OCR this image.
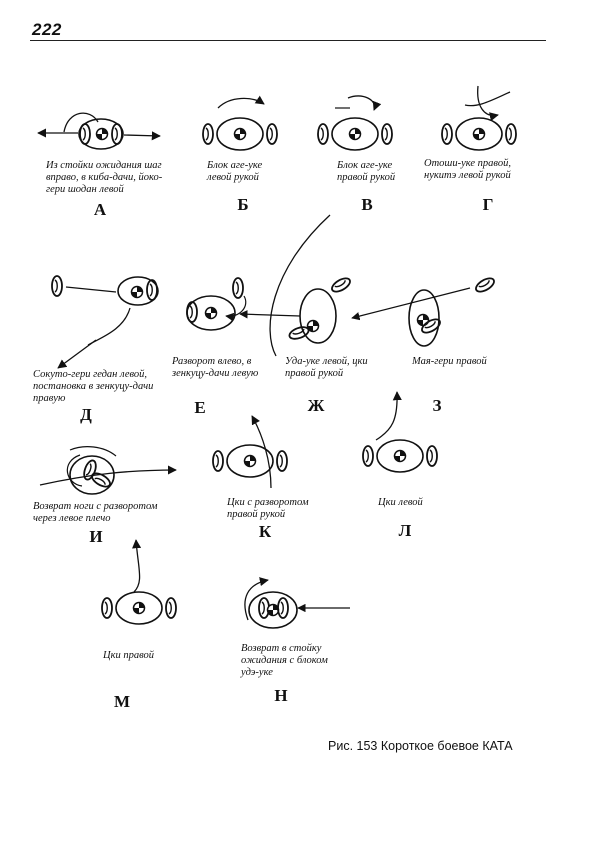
222
Из стойки ожидания шаг
вправо, в киба-дачи, йоко-
гери шодан левой
А
Блок аге-уке
левой рукой
Б
Блок аге-уке
правой рукой
В
Отоши-уке правой,
нукитэ левой рукой
Г
Сокуто-гери гедан левой,
постановка в зенкуцу-дачи
правую
Д
Разворот влево, в
зенкуцу-дачи левую
Е
Уда-уке левой, цки
правой рукой
Ж
Мая-гери правой
З
Возврат ноги с разворотом
через левое плечо
И
Цки с разворотом
правой рукой
К
Цки левой
Л
Цки правой
М
Возврат в стойку
ожидания с блоком
удэ-уке
Н
Рис. 153 Короткое боевое КАТА
